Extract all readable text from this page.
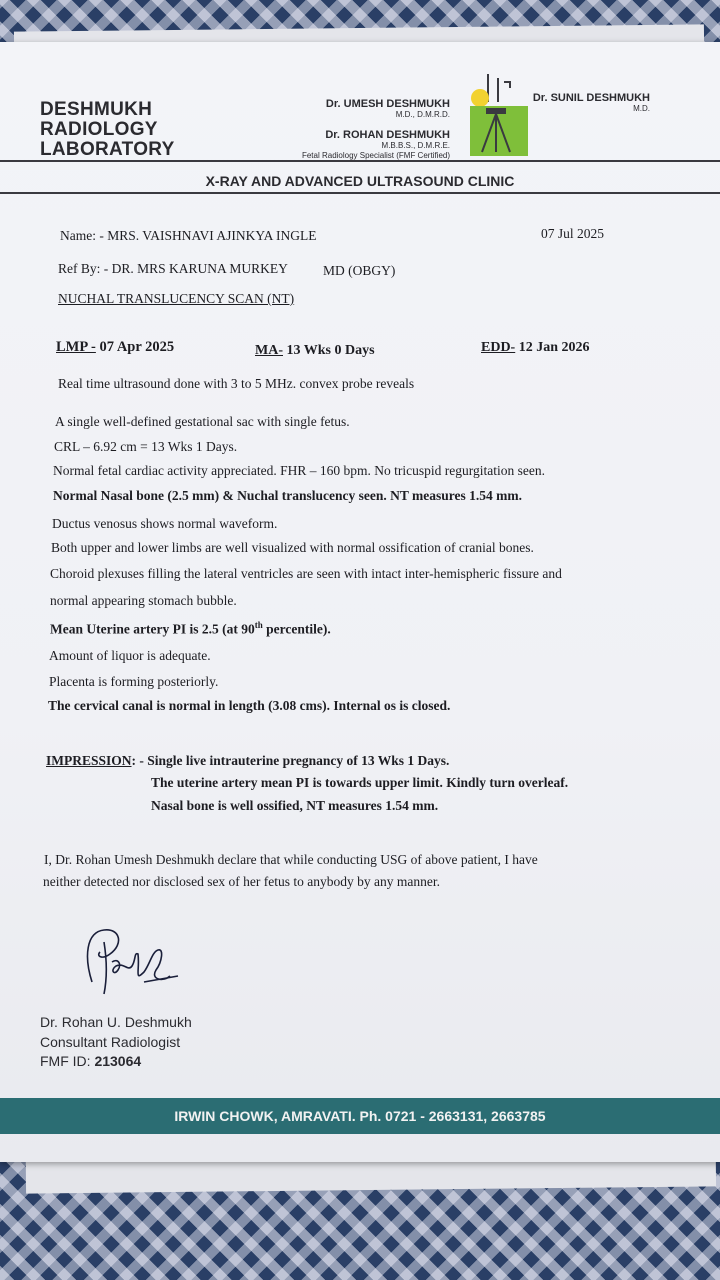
DESHMUKH
RADIOLOGY
LABORATORY
Dr. UMESH DESHMUKH
M.D., D.M.R.D.
Dr. ROHAN DESHMUKH
M.B.B.S., D.M.R.E.
Fetal Radiology Specialist (FMF Certified)
Dr. SUNIL DESHMUKH
M.D.
X-RAY AND ADVANCED ULTRASOUND CLINIC
Name: - MRS. VAISHNAVI AJINKYA INGLE	07 Jul 2025
Ref By: - DR. MRS KARUNA MURKEY	MD (OBGY)
NUCHAL TRANSLUCENCY SCAN (NT)
LMP - 07 Apr 2025	MA- 13 Wks 0 Days	EDD- 12 Jan 2026
Real time ultrasound done with 3 to 5 MHz. convex probe reveals
A single well-defined gestational sac with single fetus.
CRL – 6.92 cm = 13 Wks 1 Days.
Normal fetal cardiac activity appreciated. FHR – 160 bpm. No tricuspid regurgitation seen.
Normal Nasal bone (2.5 mm) & Nuchal translucency seen. NT measures 1.54 mm.
Ductus venosus shows normal waveform.
Both upper and lower limbs are well visualized with normal ossification of cranial bones.
Choroid plexuses filling the lateral ventricles are seen with intact inter-hemispheric fissure and
normal appearing stomach bubble.
Mean Uterine artery PI is 2.5 (at 90th percentile).
Amount of liquor is adequate.
Placenta is forming posteriorly.
The cervical canal is normal in length (3.08 cms). Internal os is closed.
IMPRESSION: - Single live intrauterine pregnancy of 13 Wks 1 Days.
The uterine artery mean PI is towards upper limit. Kindly turn overleaf.
Nasal bone is well ossified, NT measures 1.54 mm.
I, Dr. Rohan Umesh Deshmukh declare that while conducting USG of above patient, I have
neither detected nor disclosed sex of her fetus to anybody by any manner.
Dr. Rohan U. Deshmukh
Consultant Radiologist
FMF ID: 213064
IRWIN CHOWK, AMRAVATI. Ph. 0721 - 2663131, 2663785
